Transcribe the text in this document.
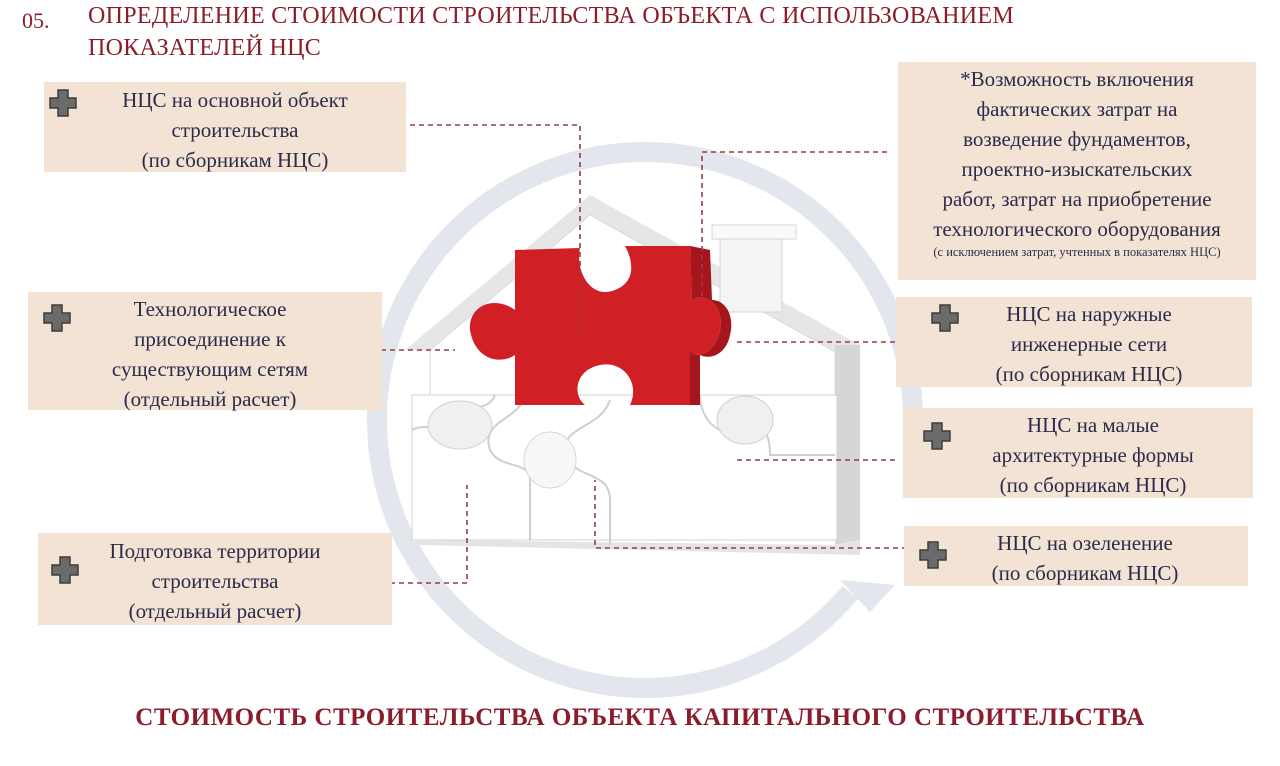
05. ОПРЕДЕЛЕНИЕ СТОИМОСТИ СТРОИТЕЛЬСТВА ОБЪЕКТА С ИСПОЛЬЗОВАНИЕМ
ПОКАЗАТЕЛЕЙ НЦС
НЦС на основной объект
строительства
(по сборникам НЦС)
Технологическое
присоединение к
существующим сетям
(отдельный расчет)
Подготовка территории
строительства
(отдельный расчет)
*Возможность включения
фактических затрат на
возведение фундаментов,
проектно-изыскательских
работ, затрат на приобретение
технологического оборудования
(с исключением затрат, учтенных в показателях НЦС)
НЦС на наружные
инженерные сети
(по сборникам НЦС)
НЦС на малые
архитектурные формы
(по сборникам НЦС)
НЦС на озеленение
(по сборникам НЦС)
СТОИМОСТЬ СТРОИТЕЛЬСТВА ОБЪЕКТА КАПИТАЛЬНОГО СТРОИТЕЛЬСТВА
